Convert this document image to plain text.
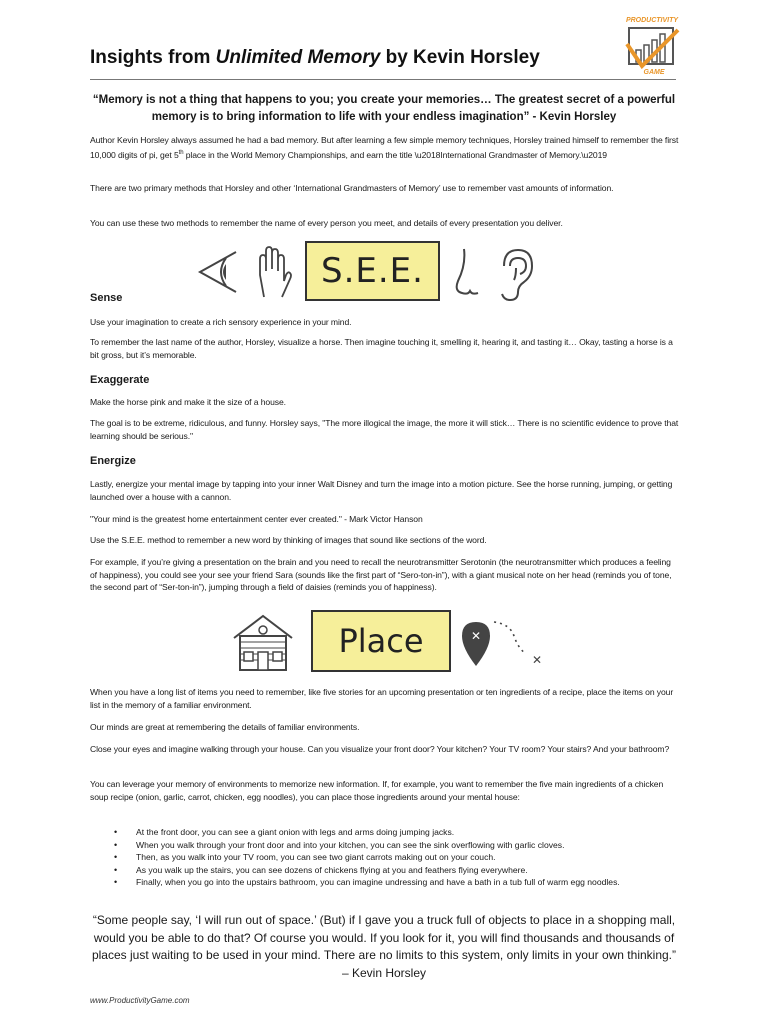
Insights from Unlimited Memory by Kevin Horsley
PRODUCTIVITY
GAME
“Memory is not a thing that happens to you; you create your memories… The greatest secret of a powerful memory is to bring information to life with your endless imagination” - Kevin Horsley

Author Kevin Horsley always assumed he had a bad memory. But after learning a few simple memory techniques, Horsley trained himself to remember the first 10,000 digits of pi, get 5th place in the World Memory Championships, and earn the title \u2018International Grandmaster of Memory.\u2019

There are two primary methods that Horsley and other ‘International Grandmasters of Memory’ use to remember vast amounts of information.

You can use these two methods to remember the name of every person you meet, and details of every presentation you deliver.

S.E.E.
Sense

Use your imagination to create a rich sensory experience in your mind.

To remember the last name of the author, Horsley, visualize a horse. Then imagine touching it, smelling it, hearing it, and tasting it… Okay, tasting a horse is a bit gross, but it’s memorable.

Exaggerate

Make the horse pink and make it the size of a house.

The goal is to be extreme, ridiculous, and funny. Horsley says, "The more illogical the image, the more it will stick… There is no scientific evidence to prove that learning should be serious."

Energize

Lastly, energize your mental image by tapping into your inner Walt Disney and turn the image into a motion picture. See the horse running, jumping, or getting launched over a house with a cannon.

"Your mind is the greatest home entertainment center ever created." - Mark Victor Hanson

Use the S.E.E. method to remember a new word by thinking of images that sound like sections of the word.

For example, if you’re giving a presentation on the brain and you need to recall the neurotransmitter Serotonin (the neurotransmitter which produces a feeling of happiness), you could see your see your friend Sara (sounds like the first part of “Sero-ton-in”), with a giant musical note on her head (reminds you of tone, the second part of “Ser-ton-in”), jumping through a field of daisies (reminds you of happiness).

Place	✕
✕

When you have a long list of items you need to remember, like five stories for an upcoming presentation or ten ingredients of a recipe, place the items on your list in the memory of a familiar environment.

Our minds are great at remembering the details of familiar environments.

Close your eyes and imagine walking through your house. Can you visualize your front door? Your kitchen? Your TV room? Your stairs? And your bathroom?

You can leverage your memory of environments to memorize new information. If, for example, you want to remember the five main ingredients of a chicken soup recipe (onion, garlic, carrot, chicken, egg noodles), you can place those ingredients around your mental house:

• At the front door, you can see a giant onion with legs and arms doing jumping jacks.
• When you walk through your front door and into your kitchen, you can see the sink overflowing with garlic cloves.
• Then, as you walk into your TV room, you can see two giant carrots making out on your couch.
• As you walk up the stairs, you can see dozens of chickens flying at you and feathers flying everywhere.
• Finally, when you go into the upstairs bathroom, you can imagine undressing and have a bath in a tub full of warm egg noodles.
“Some people say, ‘I will run out of space.’ (But) if I gave you a truck full of objects to place in a shopping mall, would you be able to do that? Of course you would. If you look for it, you will find thousands and thousands of places just waiting to be used in your mind. There are no limits to this system, only limits in your own thinking.” – Kevin Horsley
www.ProductivityGame.com
